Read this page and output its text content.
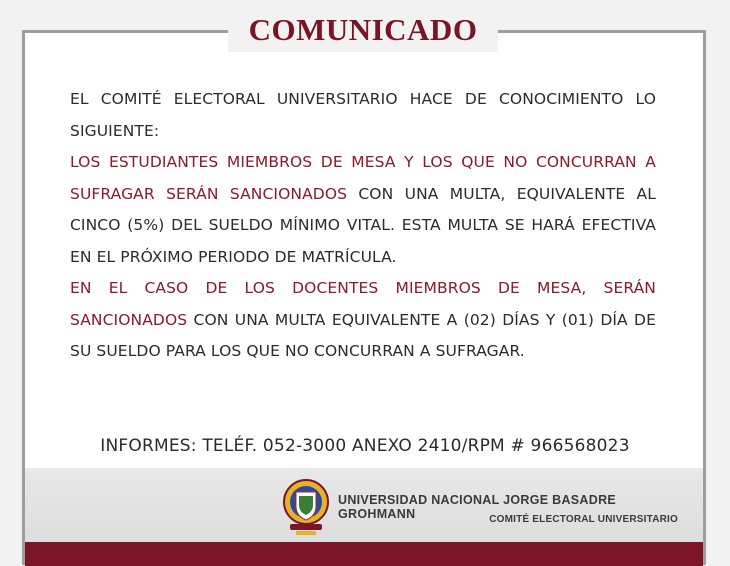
COMUNICADO
EL COMITÉ ELECTORAL UNIVERSITARIO HACE DE CONOCIMIENTO LO SIGUIENTE:
LOS ESTUDIANTES MIEMBROS DE MESA Y LOS QUE NO CONCURRAN A SUFRAGAR SERÁN SANCIONADOS CON UNA MULTA, EQUIVALENTE AL CINCO (5%) DEL SUELDO MÍNIMO VITAL. ESTA MULTA SE HARÁ EFECTIVA EN EL PRÓXIMO PERIODO DE MATRÍCULA.
EN EL CASO DE LOS DOCENTES MIEMBROS DE MESA, SERÁN SANCIONADOS CON UNA MULTA EQUIVALENTE A (02) DÍAS Y (01) DÍA DE SU SUELDO PARA LOS QUE NO CONCURRAN A SUFRAGAR.
INFORMES: TELÉF. 052-3000 ANEXO 2410/RPM # 966568023
UNIVERSIDAD NACIONAL JORGE BASADRE GROHMANN	COMITÉ ELECTORAL UNIVERSITARIO
